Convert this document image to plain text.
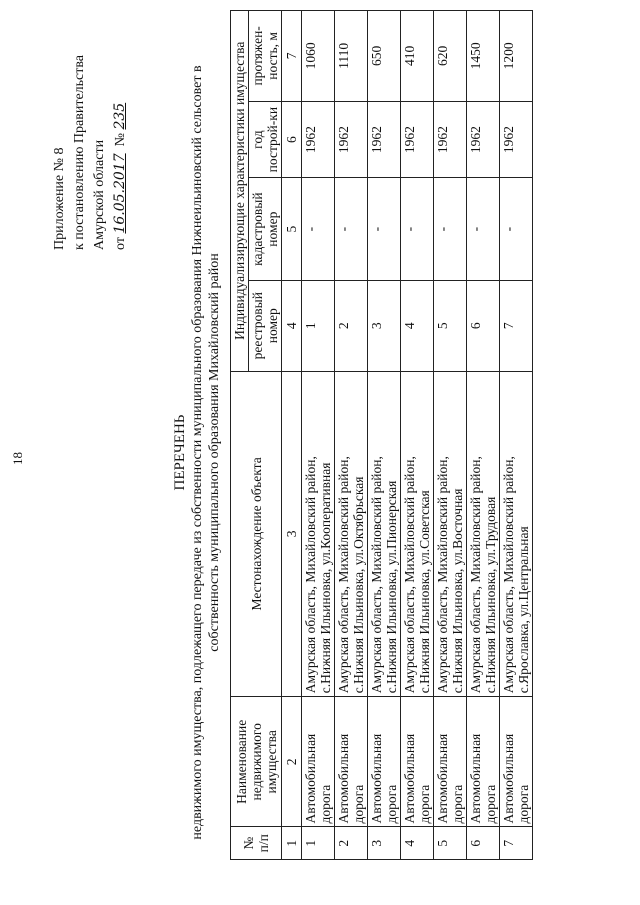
18
Приложение № 8 к постановлению Правительства Амурской области от 16.05.2017  № 235
ПЕРЕЧЕНЬ недвижимого имущества, подлежащего передаче из собственности муниципального образования Нижнеильиновский сельсовет в собственность муниципального образования Михайловский район
№ п/п	Наименование недвижимого имущества	Местонахождение объекта	Индивидуализирующие характеристики имущества			
			реестровый номер	кадастровый номер	год построй-ки	протяжен-ность, м
1	2	3	4	5	6	7
1	Автомобильная дорога	Амурская область, Михайловский район, с.Нижняя Ильиновка, ул.Кооперативная	1	-	1962	1060
2	Автомобильная дорога	Амурская область, Михайловский район, с.Нижняя Ильиновка, ул.Октябрьская	2	-	1962	1110
3	Автомобильная дорога	Амурская область, Михайловский район, с.Нижняя Ильиновка, ул.Пионерская	3	-	1962	650
4	Автомобильная дорога	Амурская область, Михайловский район, с.Нижняя Ильиновка, ул.Советская	4	-	1962	410
5	Автомобильная дорога	Амурская область, Михайловский район, с.Нижняя Ильиновка, ул.Восточная	5	-	1962	620
6	Автомобильная дорога	Амурская область, Михайловский район, с.Нижняя Ильиновка, ул.Трудовая	6	-	1962	1450
7	Автомобильная дорога	Амурская область, Михайловский район, с.Ярославка, ул.Центральная	7	-	1962	1200
